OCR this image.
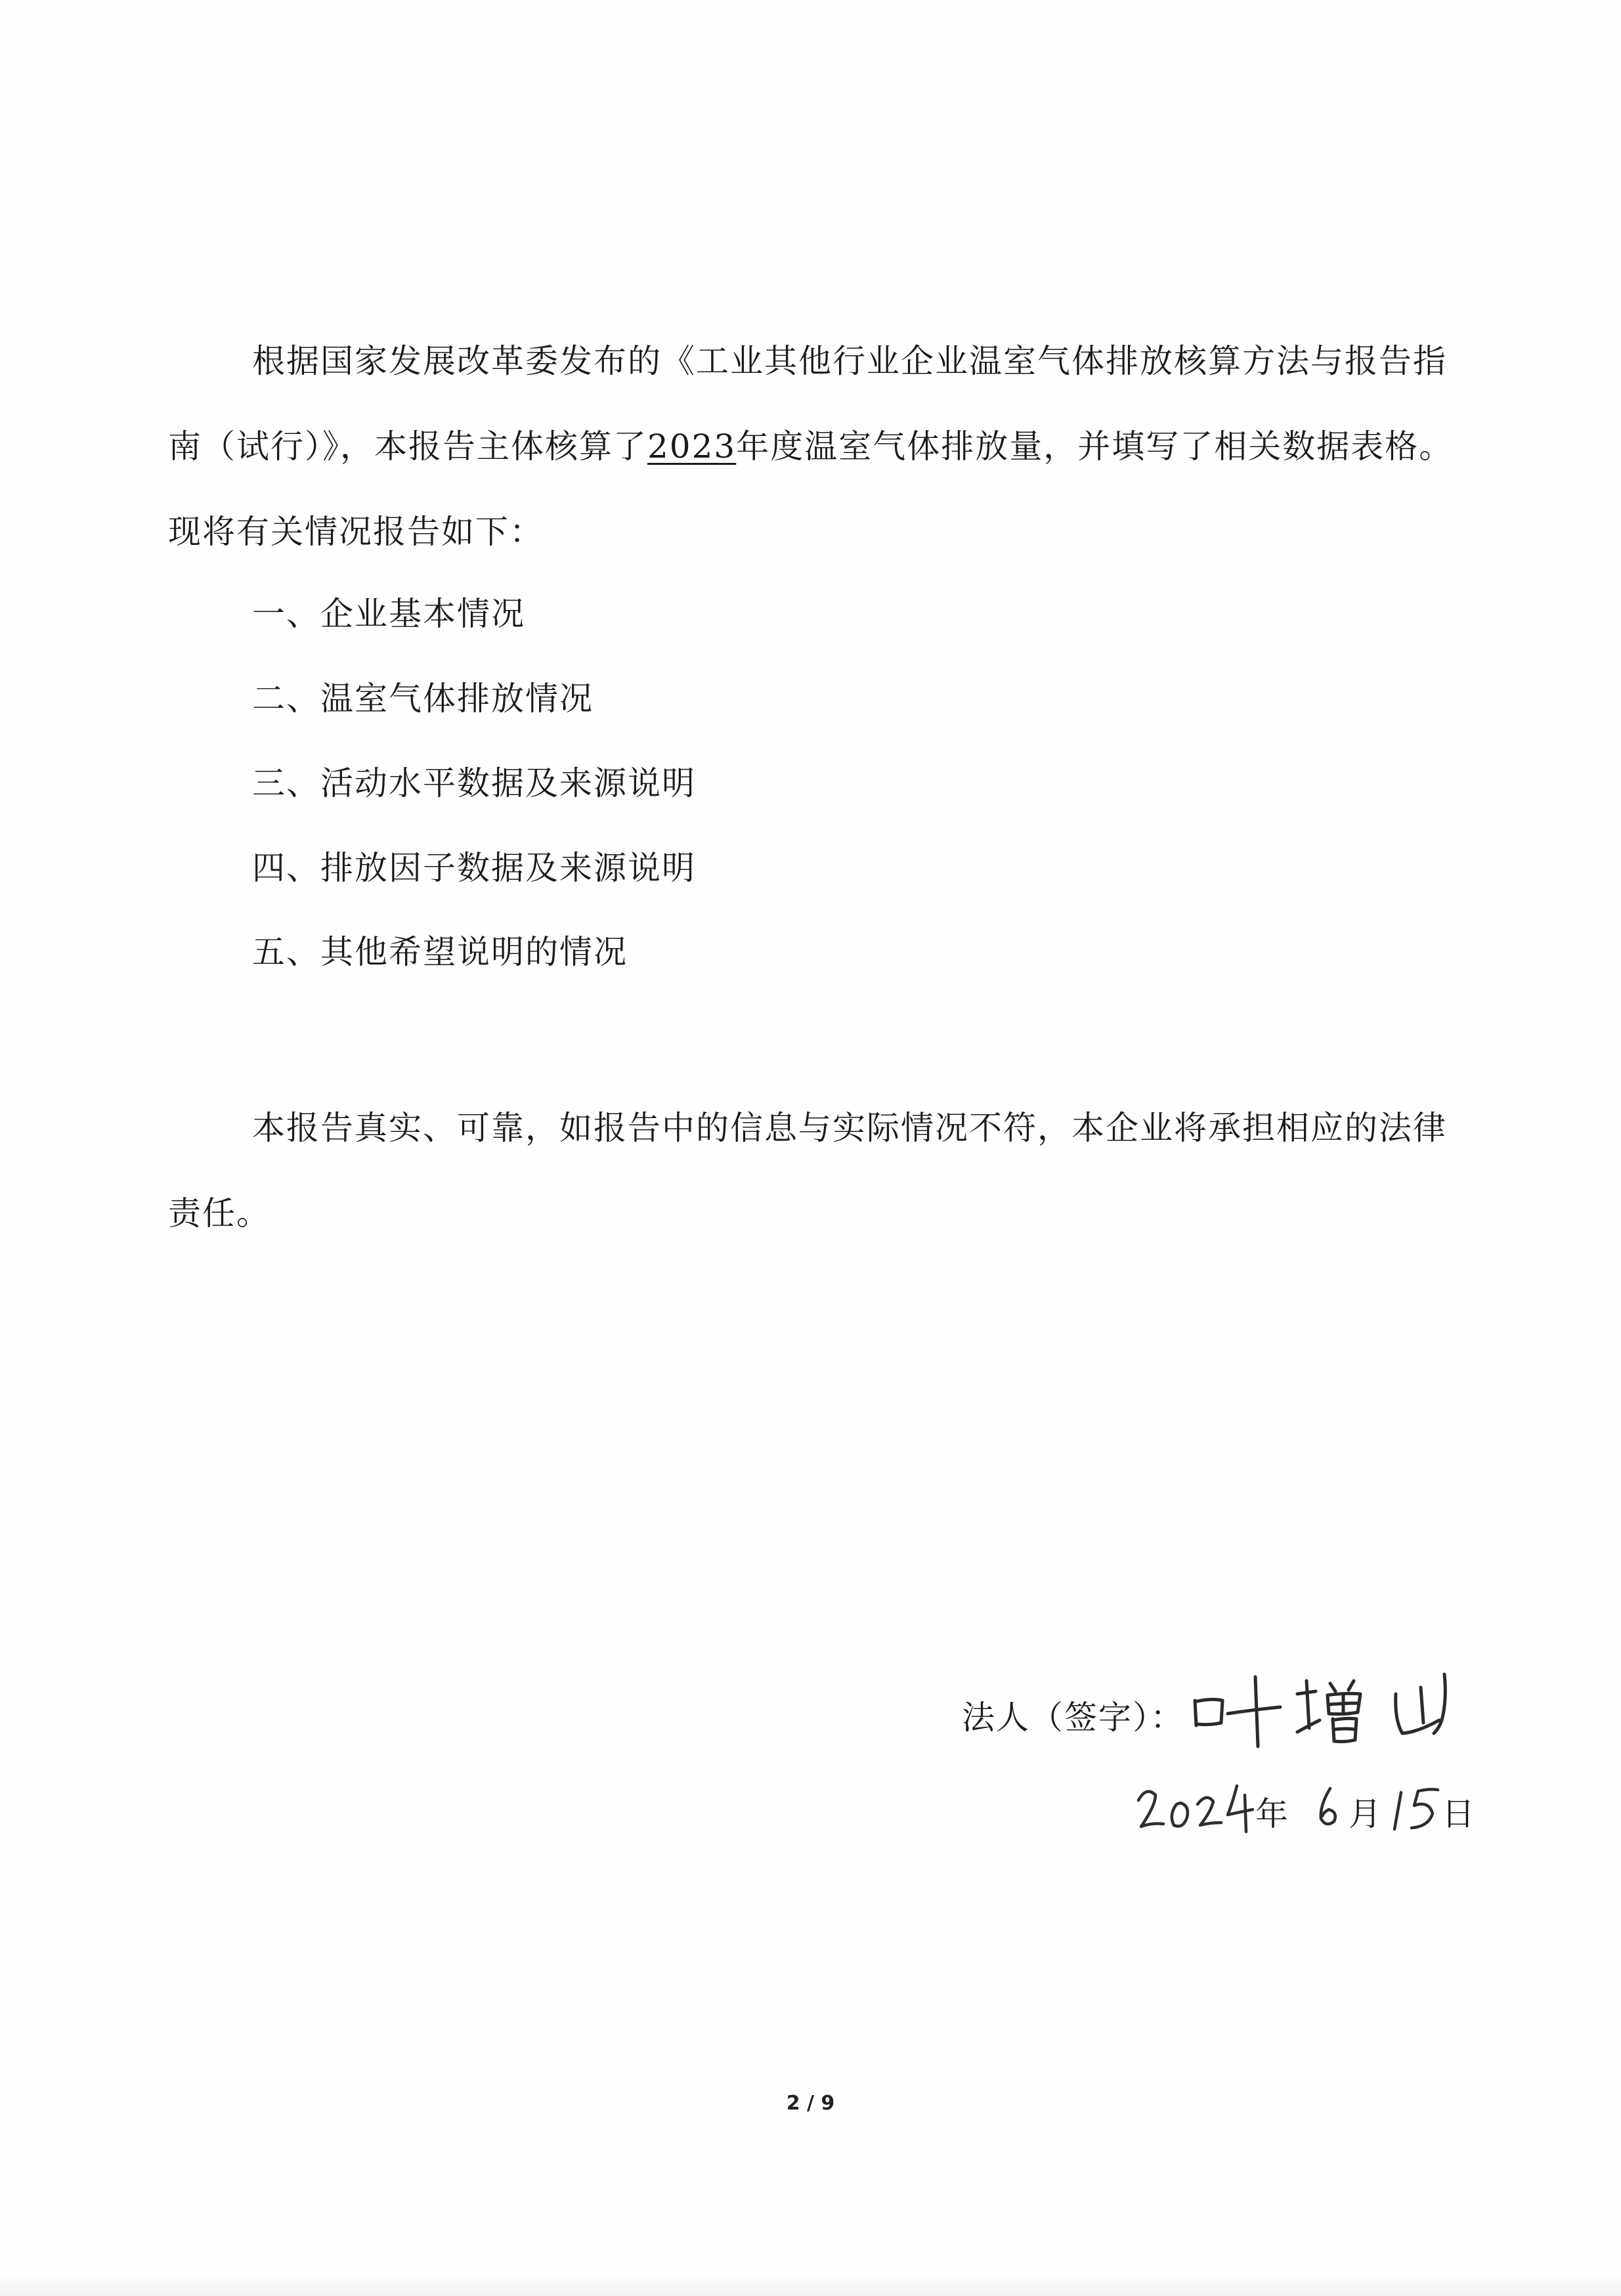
根据国家发展改革委发布的《工业其他行业企业温室气体排放核算方法与报告指南（试行）》，本报告主体核算了2023年度温室气体排放量，并填写了相关数据表格。现将有关情况报告如下：

一、企业基本情况

二、温室气体排放情况

三、活动水平数据及来源说明

四、排放因子数据及来源说明

五、其他希望说明的情况

本报告真实、可靠，如报告中的信息与实际情况不符，本企业将承担相应的法律责任。

法人（签字）：
年 月 日
2 / 9
